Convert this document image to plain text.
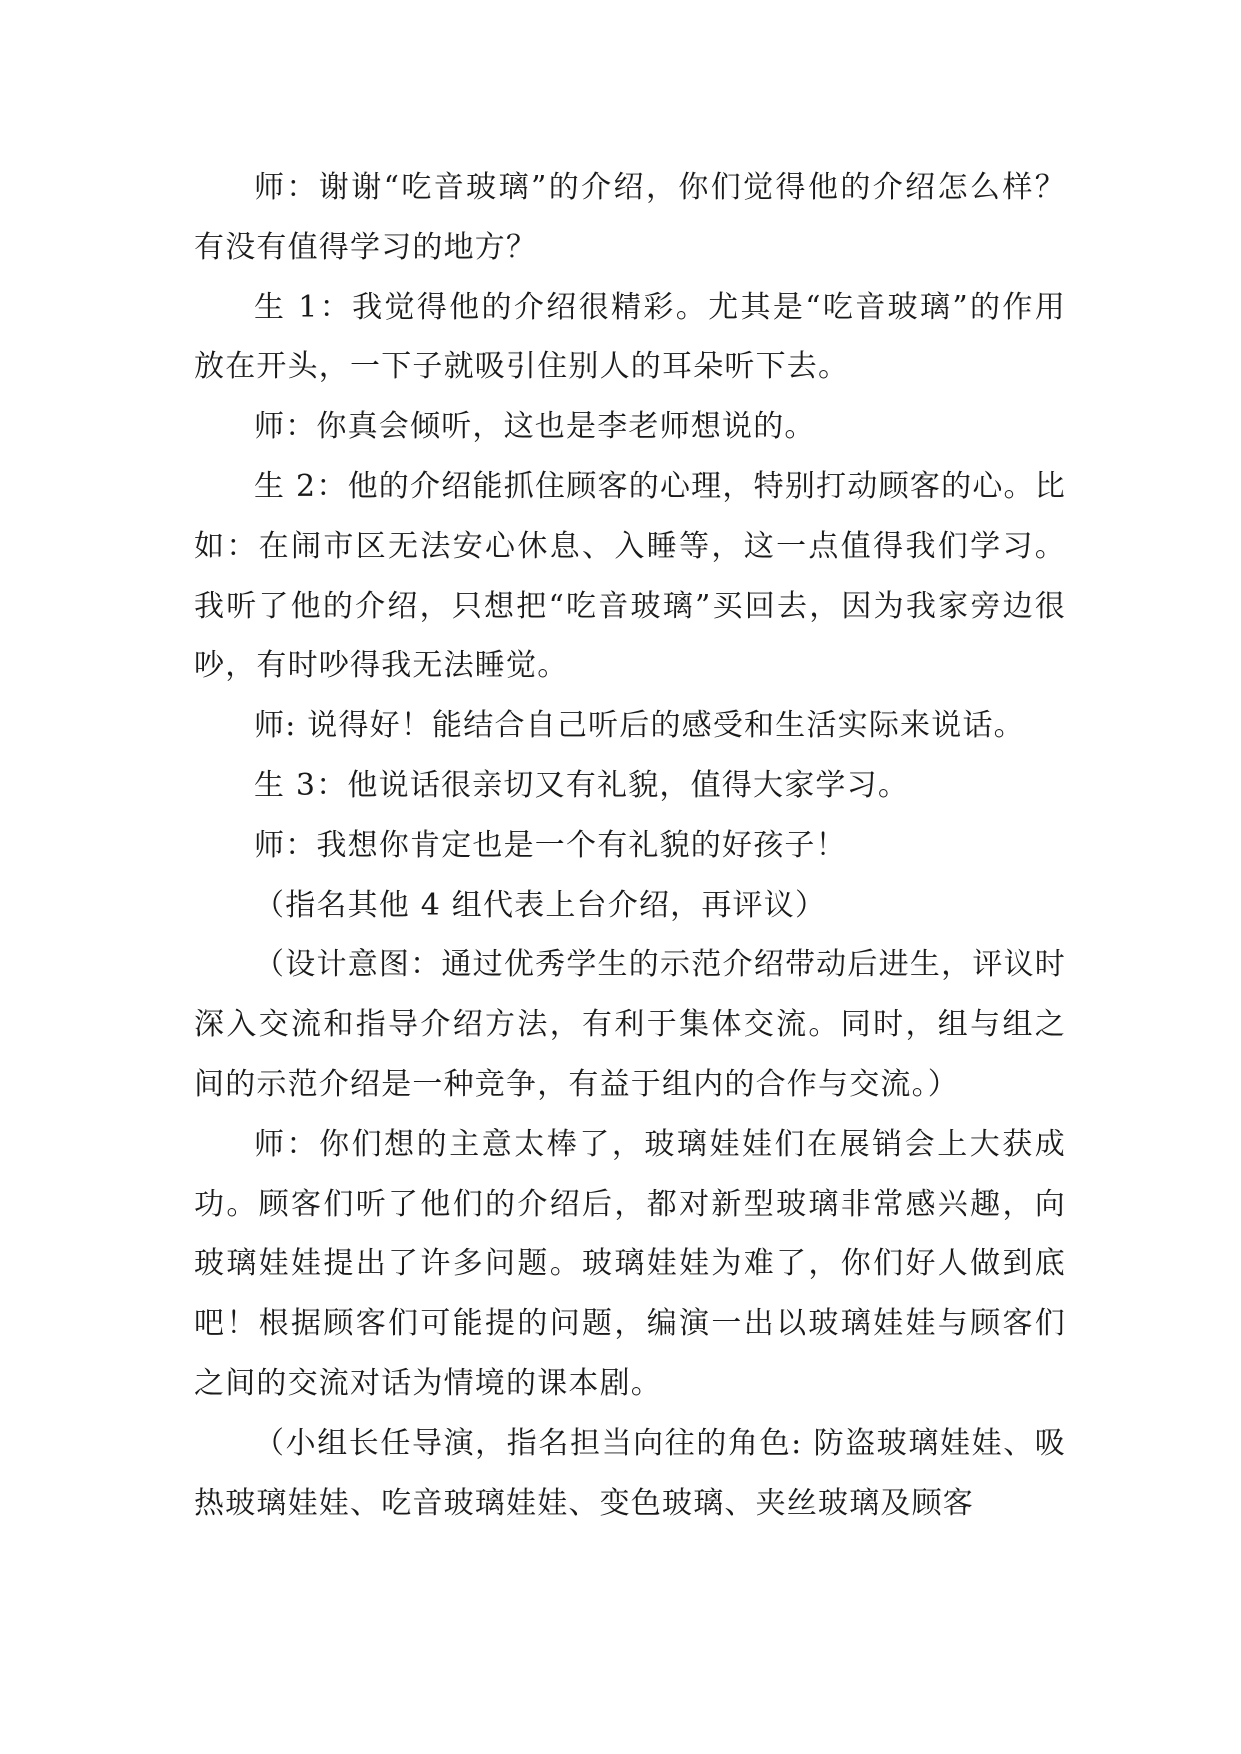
师：谢谢“吃音玻璃”的介绍，你们觉得他的介绍怎么样？有没有值得学习的地方？

生 1：我觉得他的介绍很精彩。尤其是“吃音玻璃”的作用放在开头，一下子就吸引住别人的耳朵听下去。

师：你真会倾听，这也是李老师想说的。

生 2：他的介绍能抓住顾客的心理，特别打动顾客的心。比如：在闹市区无法安心休息、入睡等，这一点值得我们学习。我听了他的介绍，只想把“吃音玻璃”买回去，因为我家旁边很吵，有时吵得我无法睡觉。

师: 说得好！能结合自己听后的感受和生活实际来说话。

生 3：他说话很亲切又有礼貌，值得大家学习。

师：我想你肯定也是一个有礼貌的好孩子！

（指名其他 4 组代表上台介绍，再评议）

（设计意图：通过优秀学生的示范介绍带动后进生，评议时深入交流和指导介绍方法，有利于集体交流。同时，组与组之间的示范介绍是一种竞争，有益于组内的合作与交流。）

师：你们想的主意太棒了，玻璃娃娃们在展销会上大获成功。顾客们听了他们的介绍后，都对新型玻璃非常感兴趣，向玻璃娃娃提出了许多问题。玻璃娃娃为难了，你们好人做到底吧！根据顾客们可能提的问题，编演一出以玻璃娃娃与顾客们之间的交流对话为情境的课本剧。

（小组长任导演，指名担当向往的角色: 防盗玻璃娃娃、吸热玻璃娃娃、吃音玻璃娃娃、变色玻璃、夹丝玻璃及顾客
